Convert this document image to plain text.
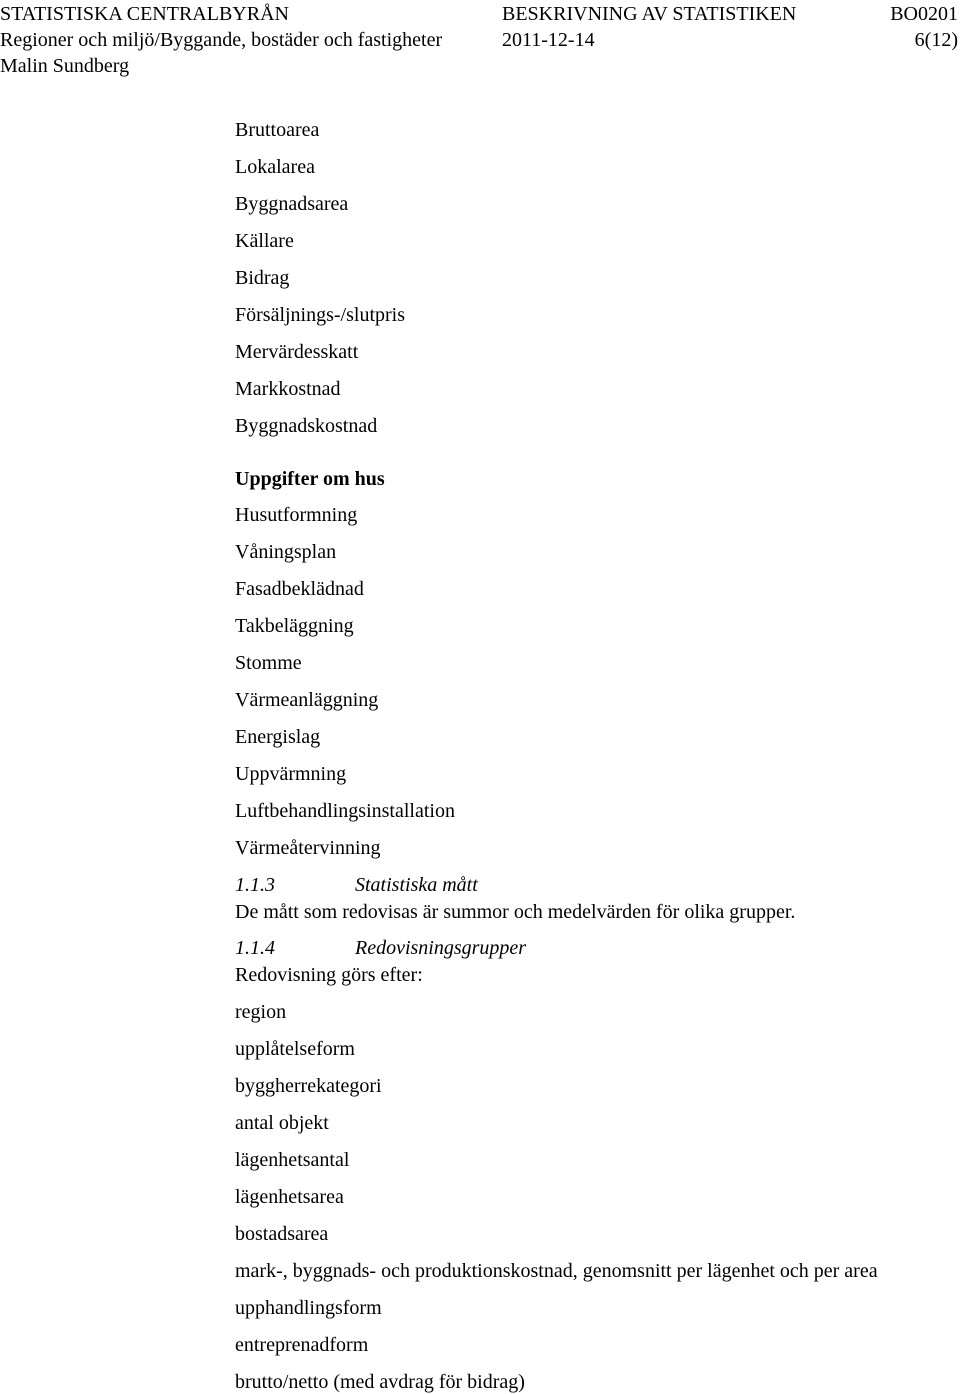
STATISTISKA CENTRALBYRÅN	BESKRIVNING AV STATISTIKEN	BO0201
Regioner och miljö/Byggande, bostäder och fastigheter	2011-12-14	6(12)
Malin Sundberg
Bruttoarea
Lokalarea
Byggnadsarea
Källare
Bidrag
Försäljnings-/slutpris
Mervärdesskatt
Markkostnad
Byggnadskostnad
Uppgifter om hus
Husutformning
Våningsplan
Fasadbeklädnad
Takbeläggning
Stomme
Värmeanläggning
Energislag
Uppvärmning
Luftbehandlingsinstallation
Värmeåtervinning
1.1.3	Statistiska mått
De mått som redovisas är summor och medelvärden för olika grupper.
1.1.4	Redovisningsgrupper
Redovisning görs efter:
region
upplåtelseform
byggherrekategori
antal objekt
lägenhetsantal
lägenhetsarea
bostadsarea
mark-, byggnads- och produktionskostnad, genomsnitt per lägenhet och per area
upphandlingsform
entreprenadform
brutto/netto (med avdrag för bidrag)
